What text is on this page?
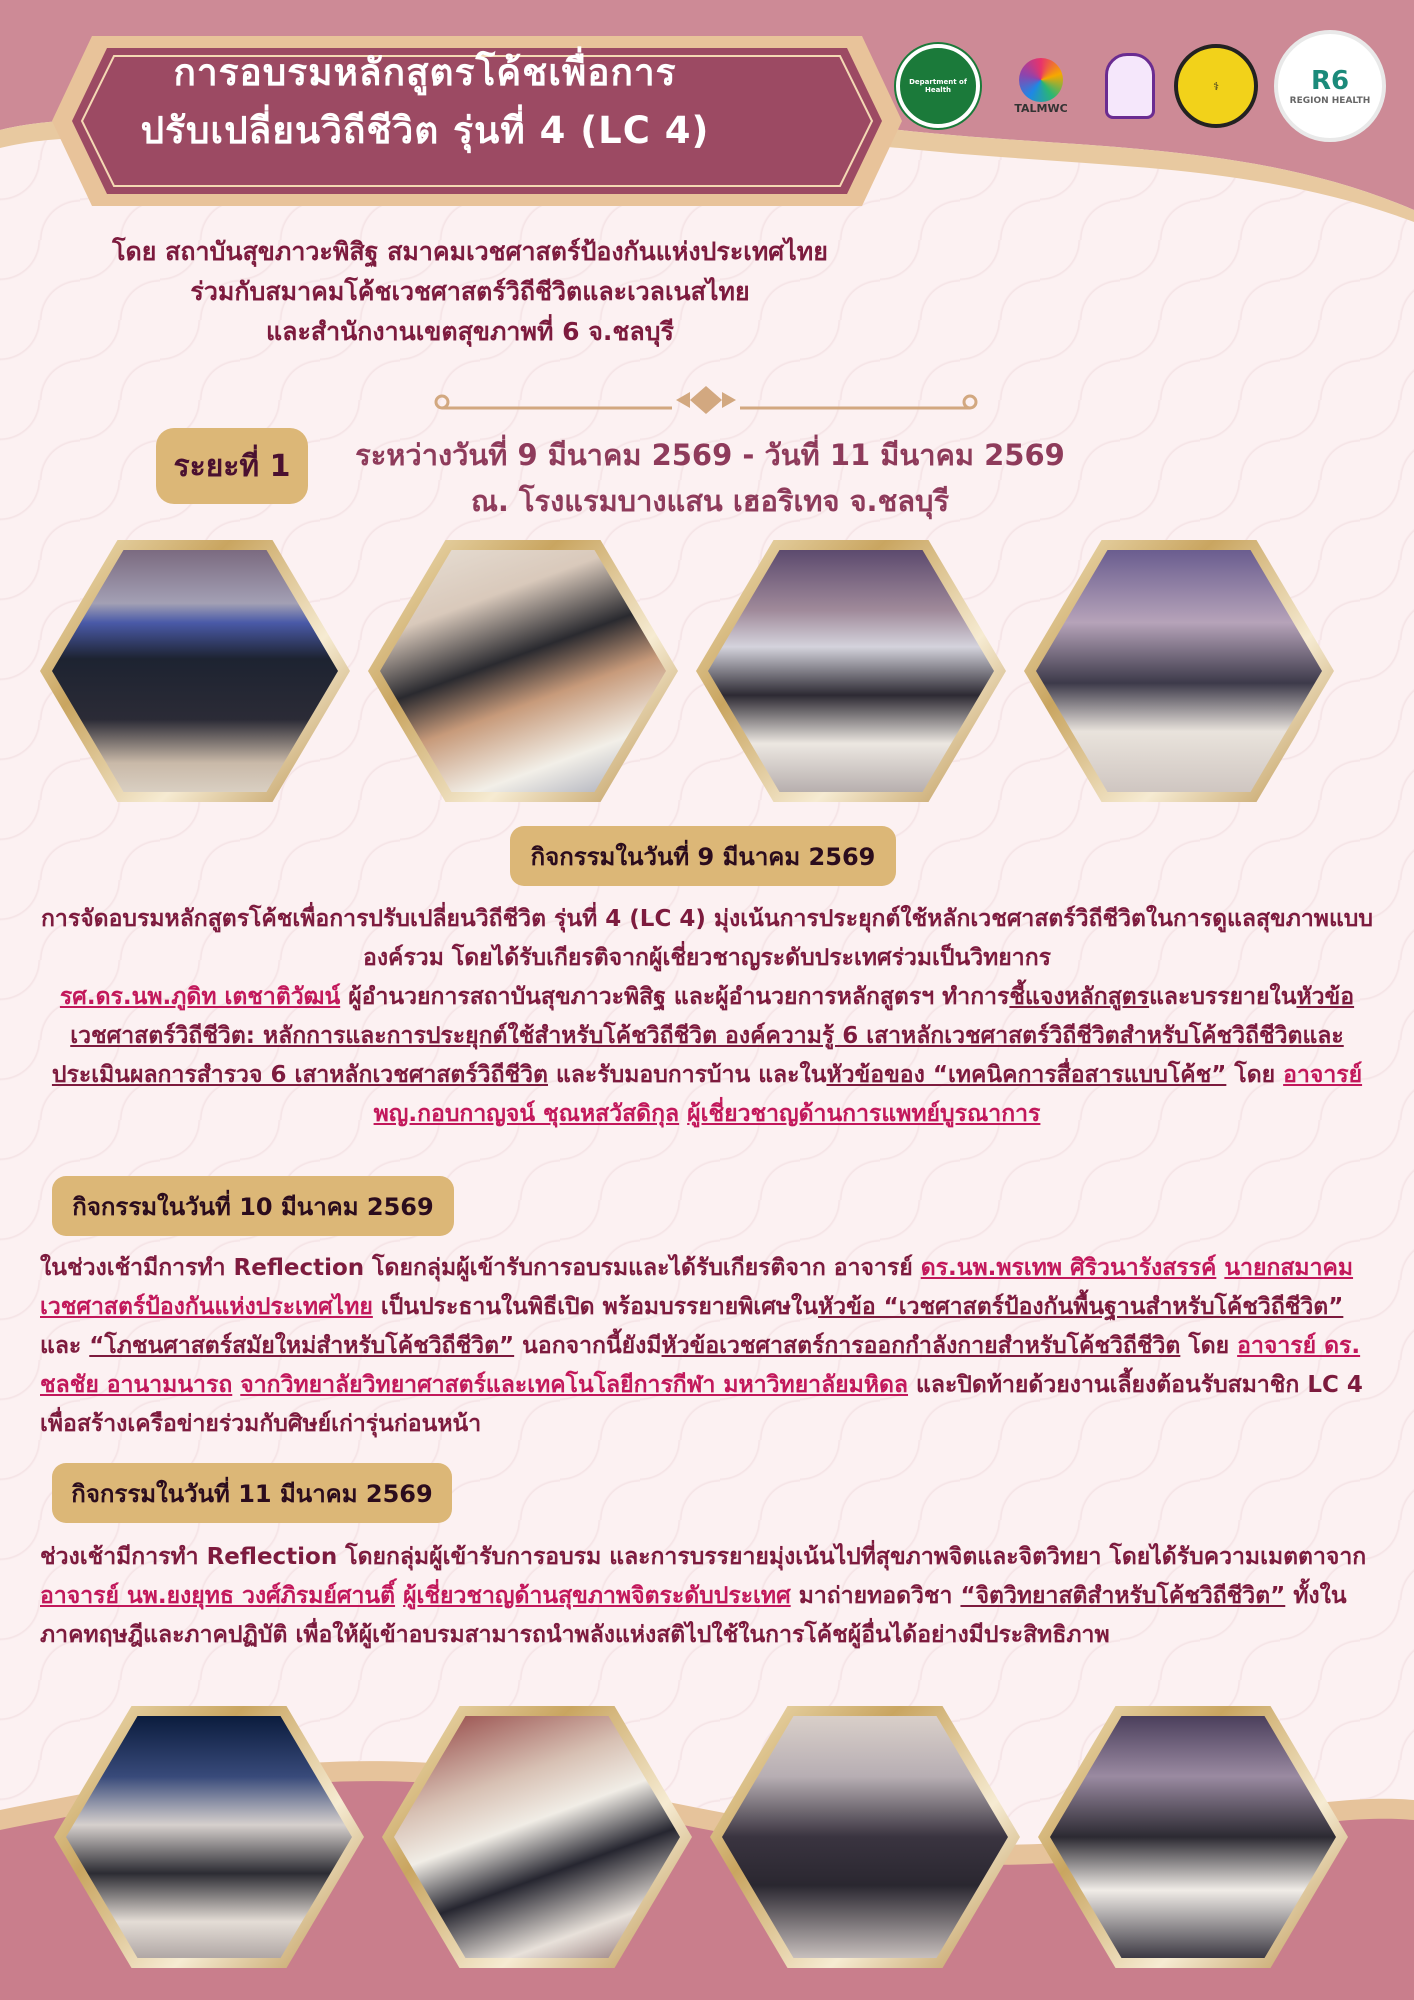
การอบรมหลักสูตรโค้ชเพื่อการ
ปรับเปลี่ยนวิถีชีวิต รุ่นที่ 4 (LC 4)
Department of Health
TALMWC
⚕	R6
REGION HEALTH
โดย สถาบันสุขภาวะพิสิฐ สมาคมเวชศาสตร์ป้องกันแห่งประเทศไทย
ร่วมกับสมาคมโค้ชเวชศาสตร์วิถีชีวิตและเวลเนสไทย
และสำนักงานเขตสุขภาพที่ 6 จ.ชลบุรี
ระยะที่ 1	ระหว่างวันที่ 9 มีนาคม 2569 - วันที่ 11 มีนาคม 2569
ณ. โรงแรมบางแสน เฮอริเทจ จ.ชลบุรี
กิจกรรมในวันที่ 9 มีนาคม 2569
การจัดอบรมหลักสูตรโค้ชเพื่อการปรับเปลี่ยนวิถีชีวิต รุ่นที่ 4 (LC 4) มุ่งเน้นการประยุกต์ใช้หลักเวชศาสตร์วิถีชีวิตในการดูแลสุขภาพแบบองค์รวม โดยได้รับเกียรติจากผู้เชี่ยวชาญระดับประเทศร่วมเป็นวิทยากร
รศ.ดร.นพ.ภูดิท เตชาติวัฒน์ ผู้อำนวยการสถาบันสุขภาวะพิสิฐ และผู้อำนวยการหลักสูตรฯ ทำการชี้แจงหลักสูตรและบรรยายในหัวข้อ เวชศาสตร์วิถีชีวิต: หลักการและการประยุกต์ใช้สำหรับโค้ชวิถีชีวิต องค์ความรู้ 6 เสาหลักเวชศาสตร์วิถีชีวิตสำหรับโค้ชวิถีชีวิตและประเมินผลการสำรวจ 6 เสาหลักเวชศาสตร์วิถีชีวิต และรับมอบการบ้าน และในหัวข้อของ “เทคนิคการสื่อสารแบบโค้ช” โดย อาจารย์ พญ.กอบกาญจน์ ชุณหสวัสดิกุล ผู้เชี่ยวชาญด้านการแพทย์บูรณาการ
กิจกรรมในวันที่ 10 มีนาคม 2569
ในช่วงเช้ามีการทำ Reflection โดยกลุ่มผู้เข้ารับการอบรมและได้รับเกียรติจาก อาจารย์ ดร.นพ.พรเทพ ศิริวนารังสรรค์ นายกสมาคมเวชศาสตร์ป้องกันแห่งประเทศไทย เป็นประธานในพิธีเปิด พร้อมบรรยายพิเศษในหัวข้อ “เวชศาสตร์ป้องกันพื้นฐานสำหรับโค้ชวิถีชีวิต” และ “โภชนศาสตร์สมัยใหม่สำหรับโค้ชวิถีชีวิต” นอกจากนี้ยังมีหัวข้อเวชศาสตร์การออกกำลังกายสำหรับโค้ชวิถีชีวิต โดย อาจารย์ ดร. ชลชัย อานามนารถ จากวิทยาลัยวิทยาศาสตร์และเทคโนโลยีการกีฬา มหาวิทยาลัยมหิดล และปิดท้ายด้วยงานเลี้ยงต้อนรับสมาชิก LC 4 เพื่อสร้างเครือข่ายร่วมกับศิษย์เก่ารุ่นก่อนหน้า
กิจกรรมในวันที่ 11 มีนาคม 2569
ช่วงเช้ามีการทำ Reflection โดยกลุ่มผู้เข้ารับการอบรม และการบรรยายมุ่งเน้นไปที่สุขภาพจิตและจิตวิทยา โดยได้รับความเมตตาจาก อาจารย์ นพ.ยงยุทธ วงศ์ภิรมย์ศานติ์ ผู้เชี่ยวชาญด้านสุขภาพจิตระดับประเทศ มาถ่ายทอดวิชา “จิตวิทยาสติสำหรับโค้ชวิถีชีวิต” ทั้งในภาคทฤษฎีและภาคปฏิบัติ เพื่อให้ผู้เข้าอบรมสามารถนำพลังแห่งสติไปใช้ในการโค้ชผู้อื่นได้อย่างมีประสิทธิภาพ
